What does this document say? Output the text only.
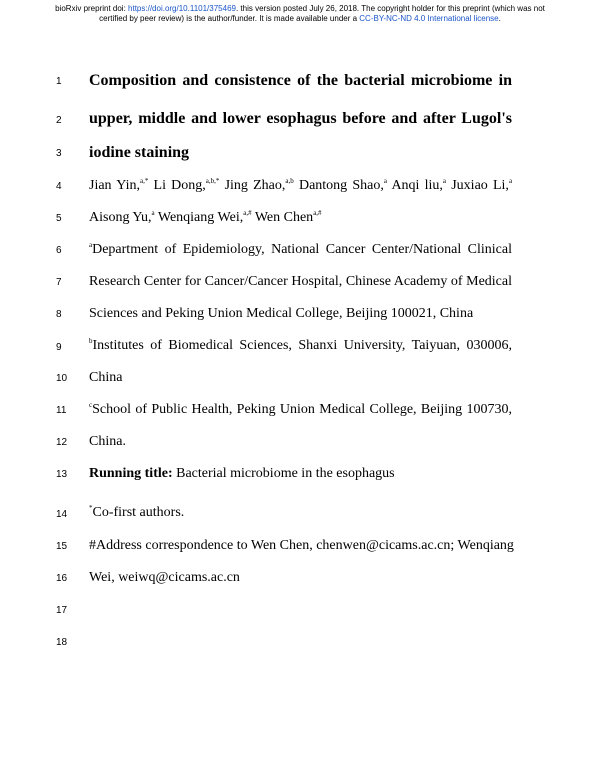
bioRxiv preprint doi: https://doi.org/10.1101/375469. this version posted July 26, 2018. The copyright holder for this preprint (which was not
certified by peer review) is the author/funder. It is made available under a CC-BY-NC-ND 4.0 International license.
1
2
3
4
5
6
7
8
9
10
11
12
13
14
15
16
17
18
Composition and consistence of the bacterial microbiome in
upper, middle and lower esophagus before and after Lugol's
iodine staining
Jian Yin,$^{a,*}$ Li Dong,$^{a,b,*}$ Jing Zhao,$^{a,b}$ Dantong Shao,$^a$ Anqi liu,$^a$ Juxiao Li,$^a$
Aisong Yu,$^a$ Wenqiang Wei,$^{a,\#}$ Wen Chen$^{a,\#}$
$^a$Department of Epidemiology, National Cancer Center/National Clinical
Research Center for Cancer/Cancer Hospital, Chinese Academy of Medical
Sciences and Peking Union Medical College, Beijing 100021, China
$^b$Institutes of Biomedical Sciences, Shanxi University, Taiyuan, 030006,
China
$^c$School of Public Health, Peking Union Medical College, Beijing 100730,
China.
Running title: Bacterial microbiome in the esophagus
*Co-first authors.
#Address correspondence to Wen Chen, chenwen@cicams.ac.cn; Wenqiang
Wei, weiwq@cicams.ac.cn
